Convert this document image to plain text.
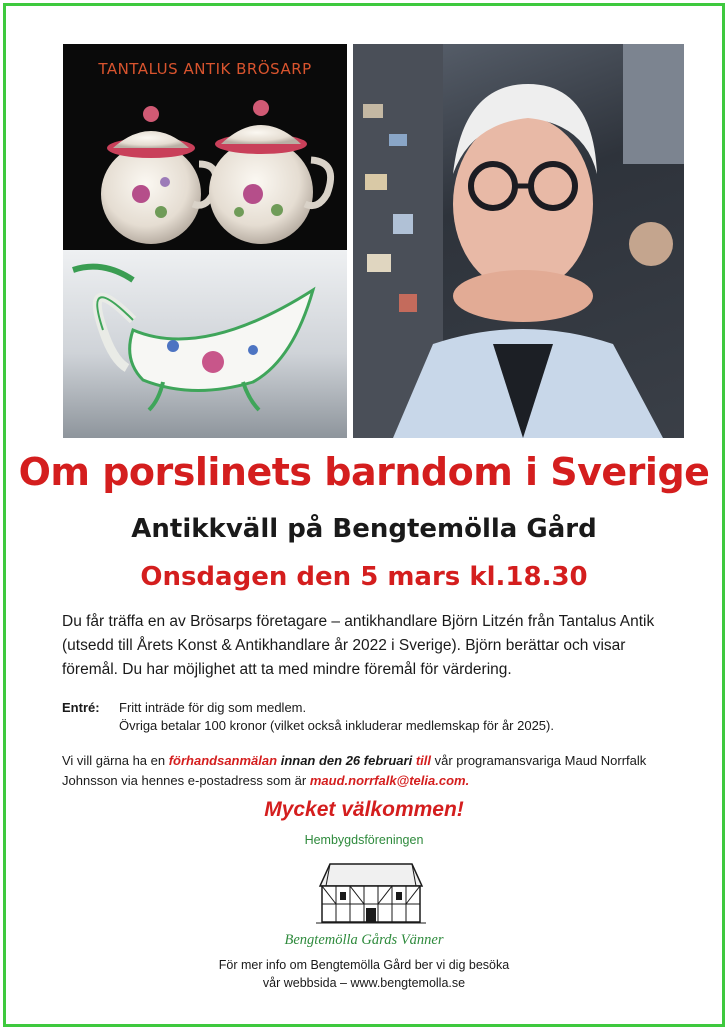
TANTALUS ANTIK BRÖSARP
Om porslinets barndom i Sverige
Antikkväll på Bengtemölla Gård
Onsdagen den 5 mars kl.18.30
Du får träffa en av Brösarps företagare – antikhandlare Björn Litzén från Tantalus Antik
(utsedd till Årets Konst & Antikhandlare år 2022 i Sverige). Björn berättar och visar
föremål. Du har möjlighet att ta med mindre föremål för värdering.
Entré: Fritt inträde för dig som medlem.
Övriga betalar 100 kronor (vilket också inkluderar medlemskap för år 2025).
Vi vill gärna ha en förhandsanmälan innan den 26 februari till vår programansvariga Maud Norrfalk Johnsson via hennes e-postadress som är maud.norrfalk@telia.com.
Mycket välkommen!
Hembygdsföreningen
Bengtemölla Gårds Vänner
För mer info om Bengtemölla Gård ber vi dig besöka
vår webbsida – www.bengtemolla.se
